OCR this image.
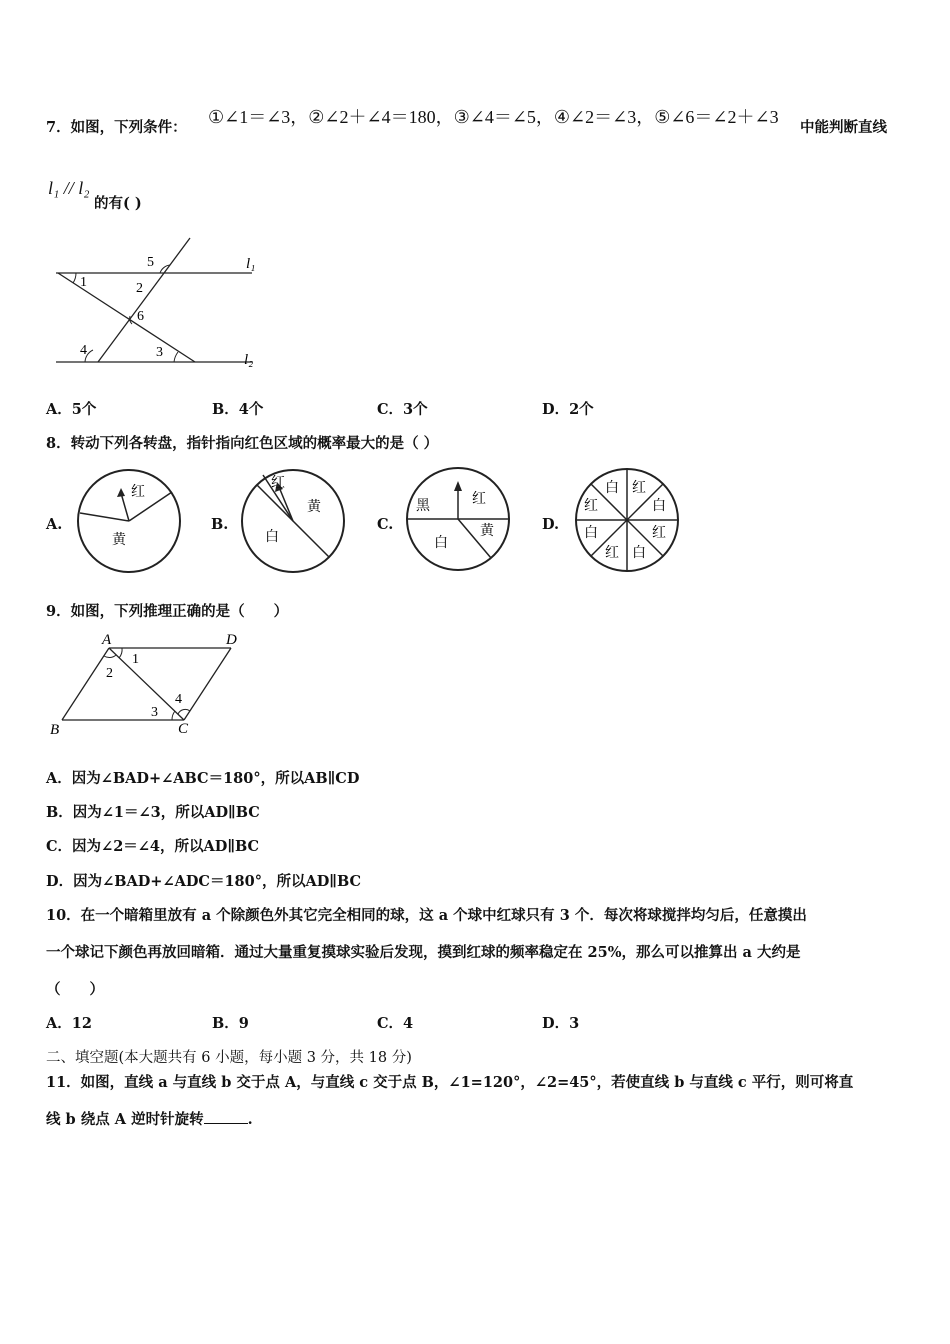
7．如图，下列条件：
①∠1＝∠3，②∠2＋∠4＝180，③∠4＝∠5，④∠2＝∠3，⑤∠6＝∠2＋∠3
中能判断直线
l₁ // l₂
的有( )
1	2
3
4
5
6
l₁
l₂
A．5个	B．4个	C．3个	D．2个
8．转动下列各转盘，指针指向红色区域的概率最大的是（ ）
A.
红
黄
B.
红
黄
白
C.
黑	红
黄
白
D.
白 红
白
红
白
红
白
红
9．如图，下列推理正确的是（　　）
A	D
B	C
1
2
3
4
A．因为∠BAD+∠ABC＝180°，所以AB∥CD
B．因为∠1＝∠3，所以AD∥BC
C．因为∠2＝∠4，所以AD∥BC
D．因为∠BAD+∠ADC＝180°，所以AD∥BC
10．在一个暗箱里放有 a 个除颜色外其它完全相同的球，这 a 个球中红球只有 3 个．每次将球搅拌均匀后，任意摸出
一个球记下颜色再放回暗箱．通过大量重复摸球实验后发现，摸到红球的频率稳定在 25%，那么可以推算出 a 大约是
（　　）
A．12	B．9	C．4	D．3
二、填空题(本大题共有 6 小题，每小题 3 分，共 18 分)
11．如图，直线 a 与直线 b 交于点 A，与直线 c 交于点 B，∠1=120°，∠2=45°，若使直线 b 与直线 c 平行，则可将直
线 b 绕点 A 逆时针旋转	.
